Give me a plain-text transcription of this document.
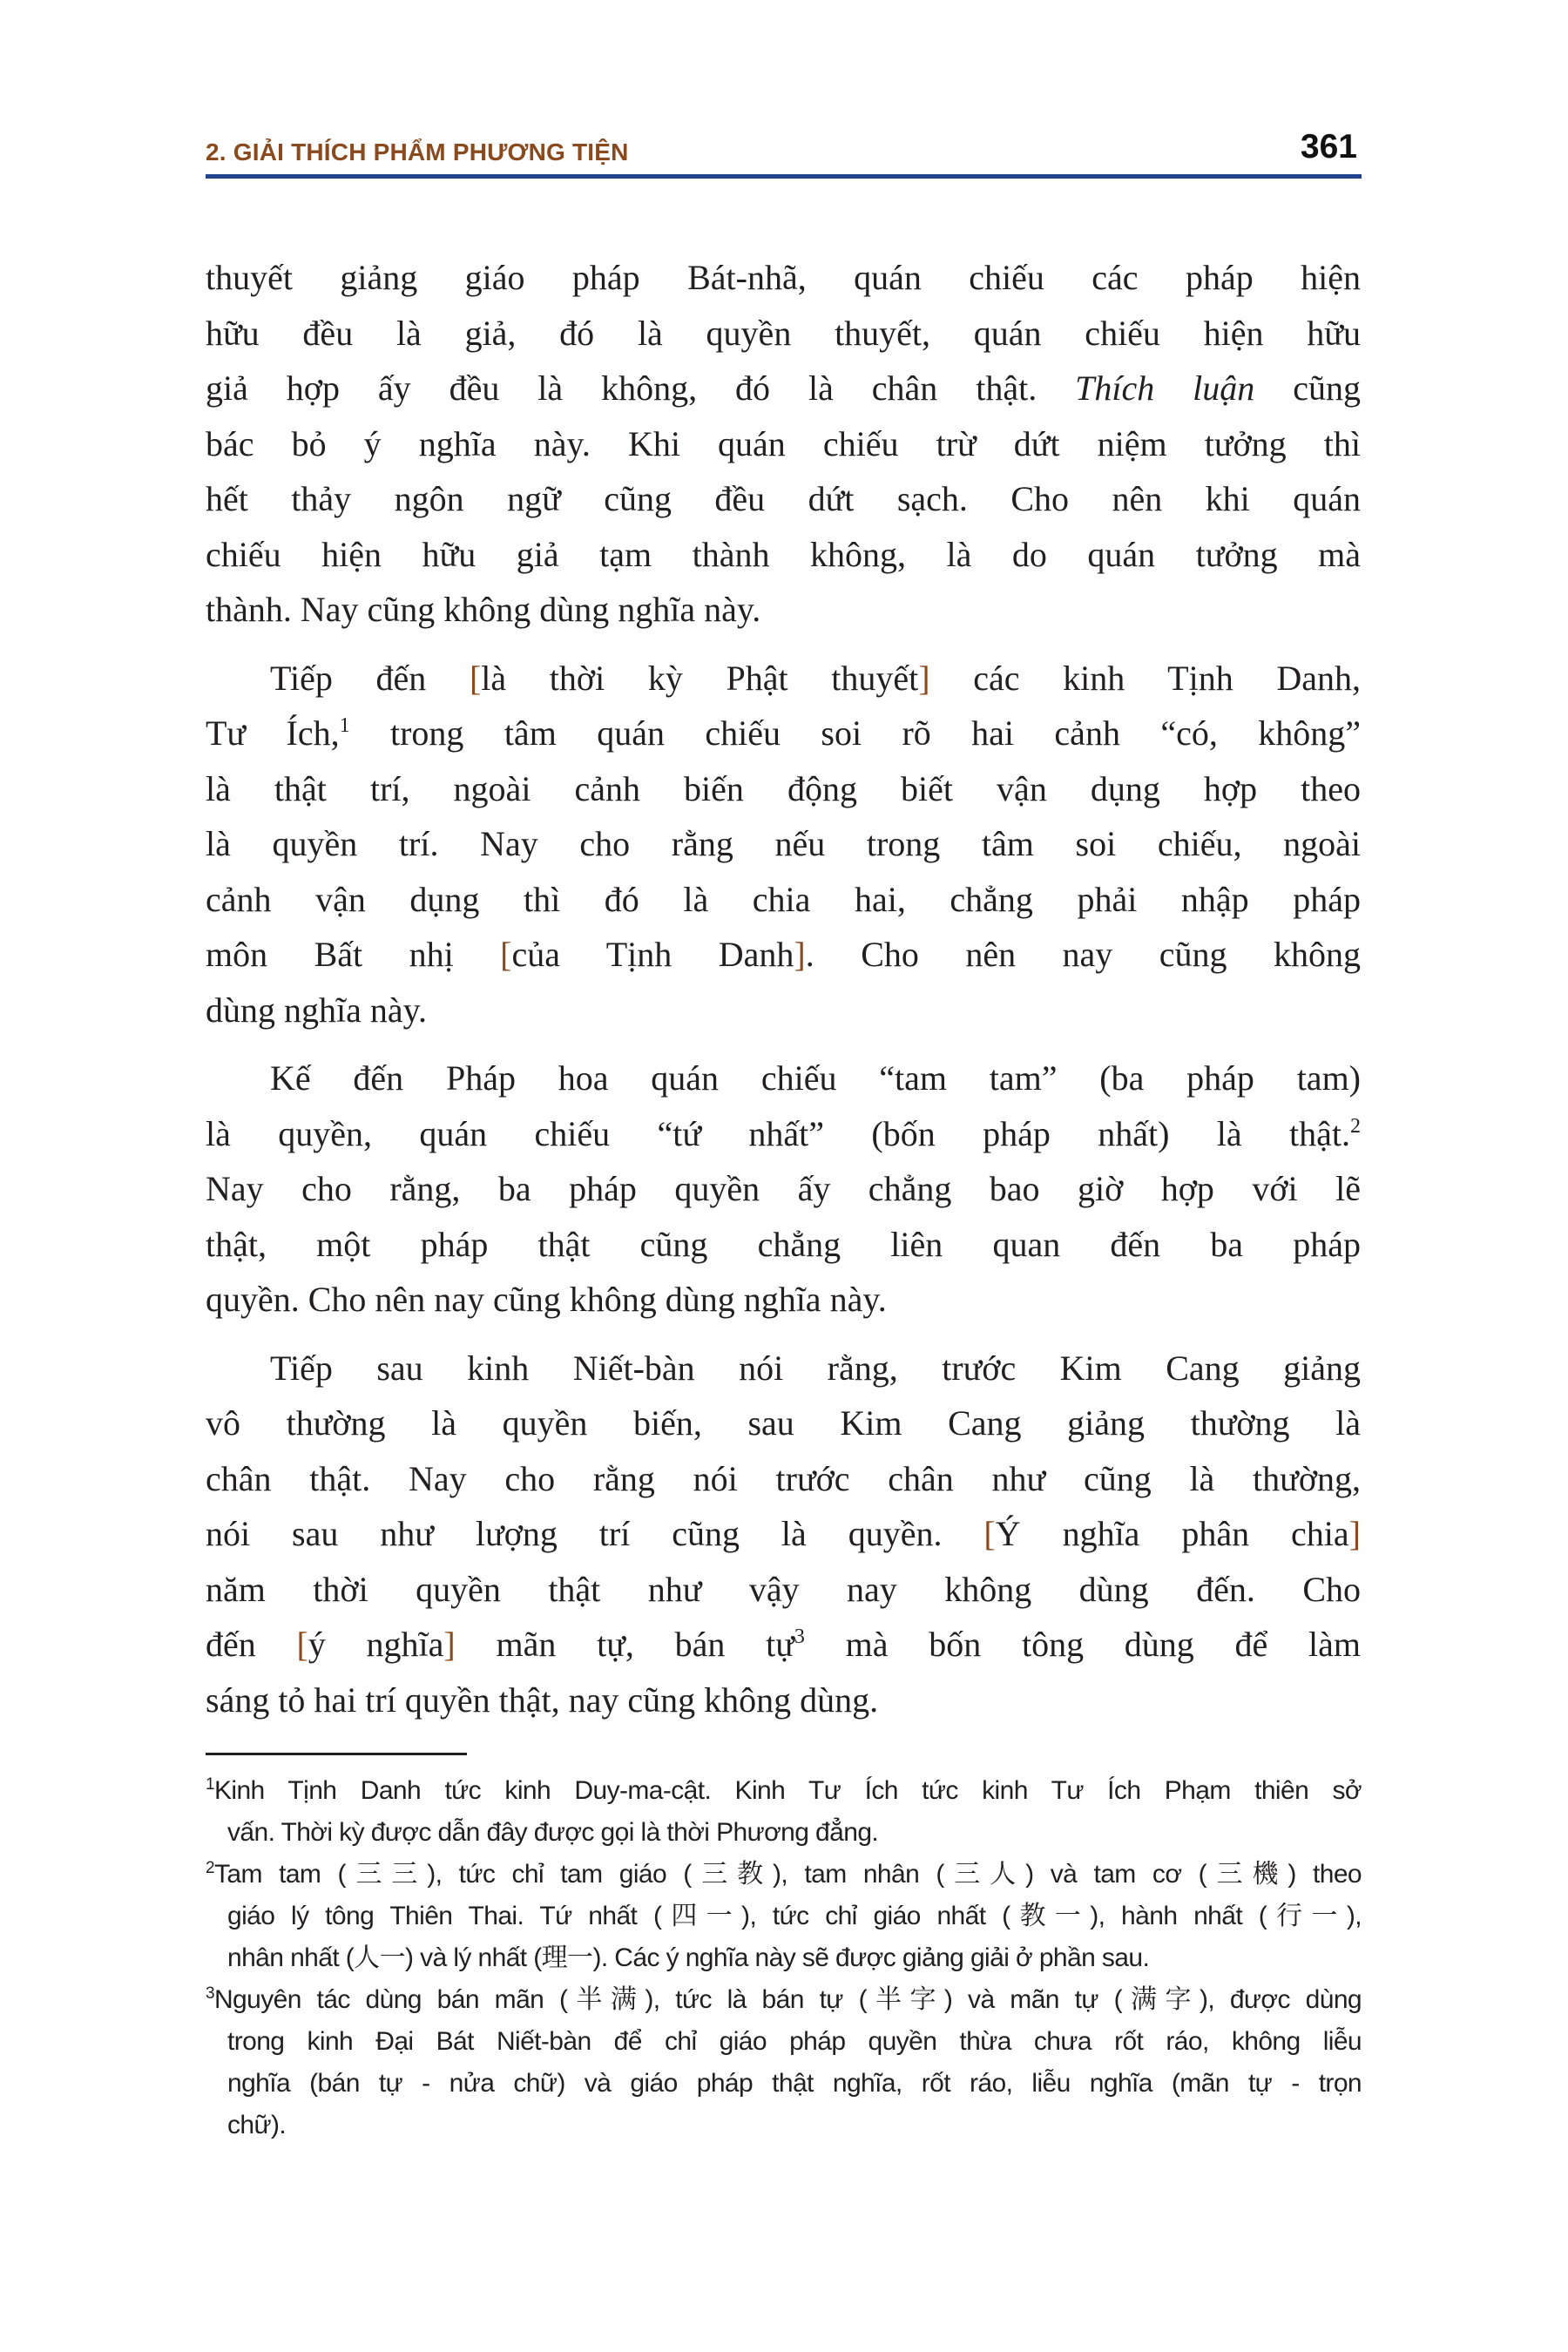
2. GIẢI THÍCH PHẨM PHƯƠNG TIỆN	361
thuyết giảng giáo pháp Bát-nhã, quán chiếu các pháp hiện
hữu đều là giả, đó là quyền thuyết, quán chiếu hiện hữu
giả hợp ấy đều là không, đó là chân thật. Thích luận cũng
bác bỏ ý nghĩa này. Khi quán chiếu trừ dứt niệm tưởng thì
hết thảy ngôn ngữ cũng đều dứt sạch. Cho nên khi quán
chiếu hiện hữu giả tạm thành không, là do quán tưởng mà
thành. Nay cũng không dùng nghĩa này.
Tiếp đến [là thời kỳ Phật thuyết] các kinh Tịnh Danh,
Tư Ích,$^1$ trong tâm quán chiếu soi rõ hai cảnh “có, không”
là thật trí, ngoài cảnh biến động biết vận dụng hợp theo
là quyền trí. Nay cho rằng nếu trong tâm soi chiếu, ngoài
cảnh vận dụng thì đó là chia hai, chẳng phải nhập pháp
môn Bất nhị [của Tịnh Danh]. Cho nên nay cũng không
dùng nghĩa này.
Kế đến Pháp hoa quán chiếu “tam tam” (ba pháp tam)
là quyền, quán chiếu “tứ nhất” (bốn pháp nhất) là thật.$^2$
Nay cho rằng, ba pháp quyền ấy chẳng bao giờ hợp với lẽ
thật, một pháp thật cũng chẳng liên quan đến ba pháp
quyền. Cho nên nay cũng không dùng nghĩa này.
Tiếp sau kinh Niết-bàn nói rằng, trước Kim Cang giảng
vô thường là quyền biến, sau Kim Cang giảng thường là
chân thật. Nay cho rằng nói trước chân như cũng là thường,
nói sau như lượng trí cũng là quyền. [Ý nghĩa phân chia]
năm thời quyền thật như vậy nay không dùng đến. Cho
đến [ý nghĩa] mãn tự, bán tự$^3$ mà bốn tông dùng để làm
sáng tỏ hai trí quyền thật, nay cũng không dùng.
$^1$Kinh Tịnh Danh tức kinh Duy-ma-cật. Kinh Tư Ích tức kinh Tư Ích Phạm thiên sở
vấn. Thời kỳ được dẫn đây được gọi là thời Phương đẳng.
$^2$Tam tam (三三), tức chỉ tam giáo (三教), tam nhân (三人) và tam cơ (三機) theo
giáo lý tông Thiên Thai. Tứ nhất (四一), tức chỉ giáo nhất (教一), hành nhất (行一),
nhân nhất (人一) và lý nhất (理一). Các ý nghĩa này sẽ được giảng giải ở phần sau.
$^3$Nguyên tác dùng bán mãn (半满), tức là bán tự (半字) và mãn tự (满字), được dùng
trong kinh Đại Bát Niết-bàn để chỉ giáo pháp quyền thừa chưa rốt ráo, không liễu
nghĩa (bán tự - nửa chữ) và giáo pháp thật nghĩa, rốt ráo, liễu nghĩa (mãn tự - trọn
chữ).
